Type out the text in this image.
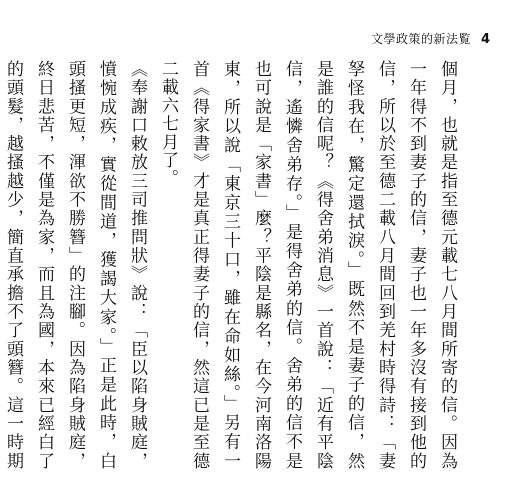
文學政策的新法覧 4

個月，也就是指至德元載七八月間所寄的信。因為一年得不到妻子的信，妻子也一年多沒有接到他的信，所以於至德二載八月間回到羌村時得詩：「妻孥怪我在，驚定還拭淚。」既然不是妻子的信，然是誰的信呢？《得舍弟消息》一首說：「近有平陰信，遙憐舍弟存。」是得舍弟的信。舍弟的信不是也可說是「家書」麼？平陰是縣名，在今河南洛陽東，所以說「東京三十口，雖在命如絲。」另有一首《得家書》才是真正得妻子的信，然這已是至德二載六七月了。

《奉謝口敕放三司推問狀》說：「臣以陷身賊庭，憤惋成疾，實從間道，獲謁大家。」正是此時，白頭搔更短，渾欲不勝簪」的注腳。因為陷身賊庭，終日悲苦，不僅是為家，而且為國，本來已經白了的頭髮，越搔越少，簡直承擔不了頭簪。這一時期
